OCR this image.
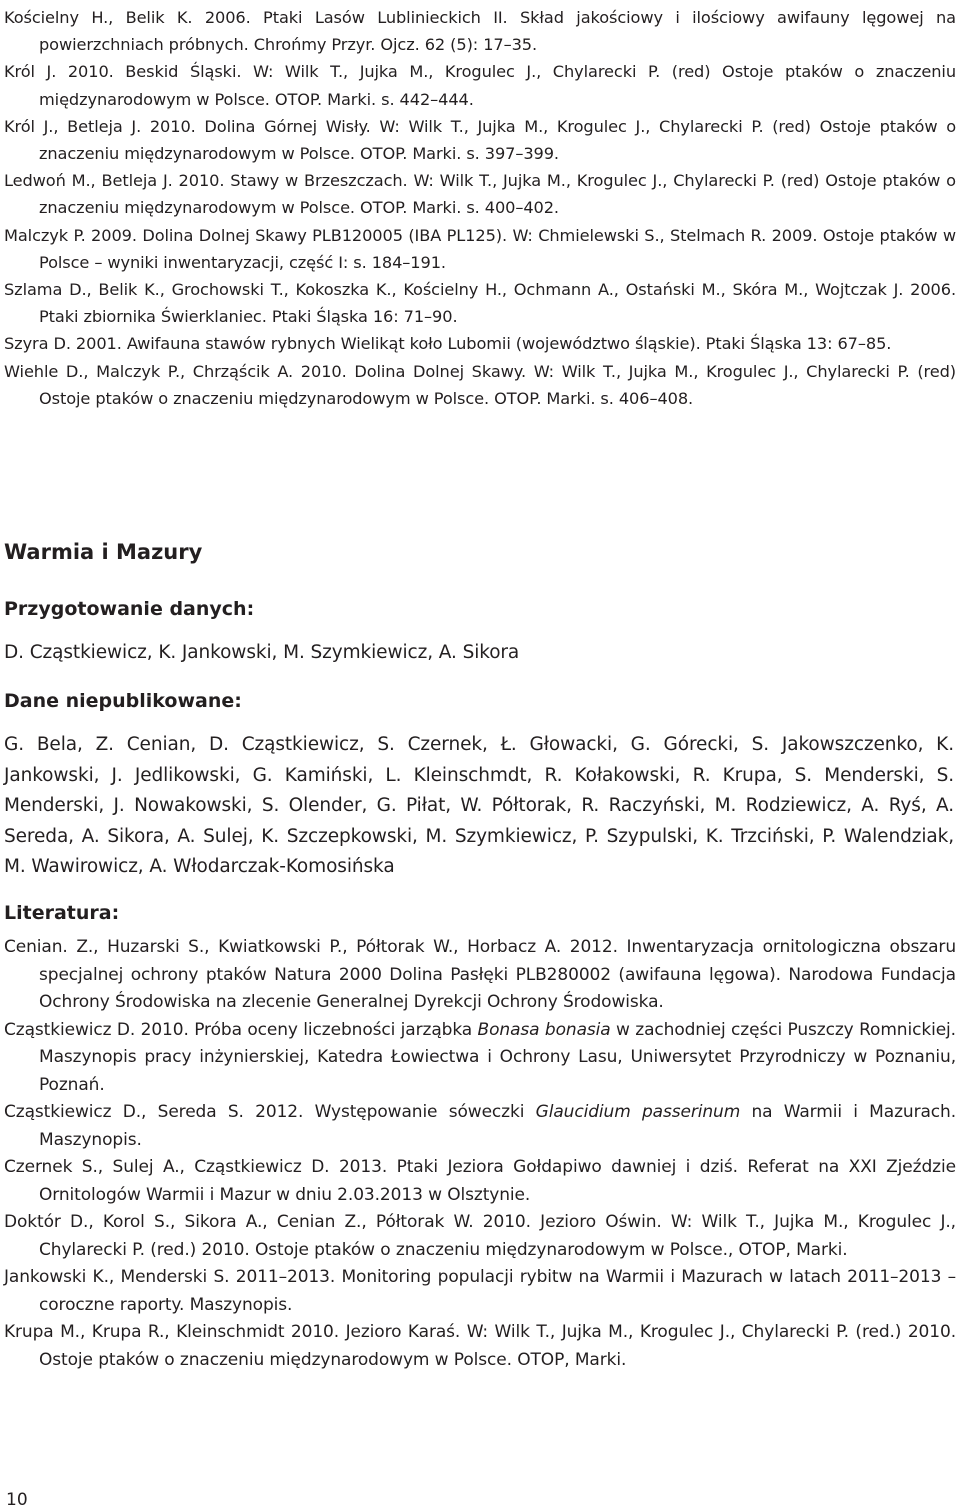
Kościelny H., Belik K. 2006. Ptaki Lasów Lublinieckich II. Skład jakościowy i ilościowy awifauny lęgowej na powierzchniach próbnych. Chrońmy Przyr. Ojcz. 62 (5): 17–35.

Król J. 2010. Beskid Śląski. W: Wilk T., Jujka M., Krogulec J., Chylarecki P. (red) Ostoje ptaków o znaczeniu międzynarodowym w Polsce. OTOP. Marki. s. 442–444.

Król J., Betleja J. 2010. Dolina Górnej Wisły. W: Wilk T., Jujka M., Krogulec J., Chylarecki P. (red) Ostoje ptaków o znaczeniu międzynarodowym w Polsce. OTOP. Marki. s. 397–399.

Ledwoń M., Betleja J. 2010. Stawy w Brzeszczach. W: Wilk T., Jujka M., Krogulec J., Chylarecki P. (red) Ostoje ptaków o znaczeniu międzynarodowym w Polsce. OTOP. Marki. s. 400–402.

Malczyk P. 2009. Dolina Dolnej Skawy PLB120005 (IBA PL125). W: Chmielewski S., Stelmach R. 2009. Ostoje ptaków w Polsce – wyniki inwentaryzacji, część I: s. 184–191.

Szlama D., Belik K., Grochowski T., Kokoszka K., Kościelny H., Ochmann A., Ostański M., Skóra M., Wojtczak J. 2006. Ptaki zbiornika Świerklaniec. Ptaki Śląska 16: 71–90.

Szyra D. 2001. Awifauna stawów rybnych Wielikąt koło Lubomii (województwo śląskie). Ptaki Śląska 13: 67–85.

Wiehle D., Malczyk P., Chrząścik A. 2010. Dolina Dolnej Skawy. W: Wilk T., Jujka M., Krogulec J., Chylarecki P. (red) Ostoje ptaków o znaczeniu międzynarodowym w Polsce. OTOP. Marki. s. 406–408.

Warmia i Mazury
Przygotowanie danych:

D. Cząstkiewicz, K. Jankowski, M. Szymkiewicz, A. Sikora

Dane niepublikowane:

G. Bela, Z. Cenian, D. Cząstkiewicz, S. Czernek, Ł. Głowacki, G. Górecki, S. Jakowszczenko, K. Jankowski, J. Jedlikowski, G. Kamiński, L. Kleinschmdt, R. Kołakowski, R. Krupa, S. Menderski, S. Menderski, J. Nowakowski, S. Olender, G. Piłat, W. Półtorak, R. Raczyński, M. Rodziewicz, A. Ryś, A. Sereda, A. Sikora, A. Sulej, K. Szczepkowski, M. Szymkiewicz, P. Szypulski, K. Trzciński, P. Walendziak, M. Wawirowicz, A. Włodarczak-Komosińska

Literatura:

Cenian. Z., Huzarski S., Kwiatkowski P., Półtorak W., Horbacz A. 2012. Inwentaryzacja ornitologiczna obszaru specjalnej ochrony ptaków Natura 2000 Dolina Pasłęki PLB280002 (awifauna lęgowa). Narodowa Fundacja Ochrony Środowiska na zlecenie Generalnej Dyrekcji Ochrony Środowiska.

Cząstkiewicz D. 2010. Próba oceny liczebności jarząbka Bonasa bonasia w zachodniej części Puszczy Romnickiej. Maszynopis pracy inżynierskiej, Katedra Łowiectwa i Ochrony Lasu, Uniwersytet Przyrodniczy w Poznaniu, Poznań.

Cząstkiewicz D., Sereda S. 2012. Występowanie sóweczki Glaucidium passerinum na Warmii i Mazurach. Maszynopis.

Czernek S., Sulej A., Cząstkiewicz D. 2013. Ptaki Jeziora Gołdapiwo dawniej i dziś. Referat na XXI Zjeździe Ornitologów Warmii i Mazur w dniu 2.03.2013 w Olsztynie.

Doktór D., Korol S., Sikora A., Cenian Z., Półtorak W. 2010. Jezioro Oświn. W: Wilk T., Jujka M., Krogulec J., Chylarecki P. (red.) 2010. Ostoje ptaków o znaczeniu międzynarodowym w Polsce., OTOP, Marki.

Jankowski K., Menderski S. 2011–2013. Monitoring populacji rybitw na Warmii i Mazurach w latach 2011–2013 – coroczne raporty. Maszynopis.

Krupa M., Krupa R., Kleinschmidt 2010. Jezioro Karaś. W: Wilk T., Jujka M., Krogulec J., Chylarecki P. (red.) 2010. Ostoje ptaków o znaczeniu międzynarodowym w Polsce. OTOP, Marki.

10
